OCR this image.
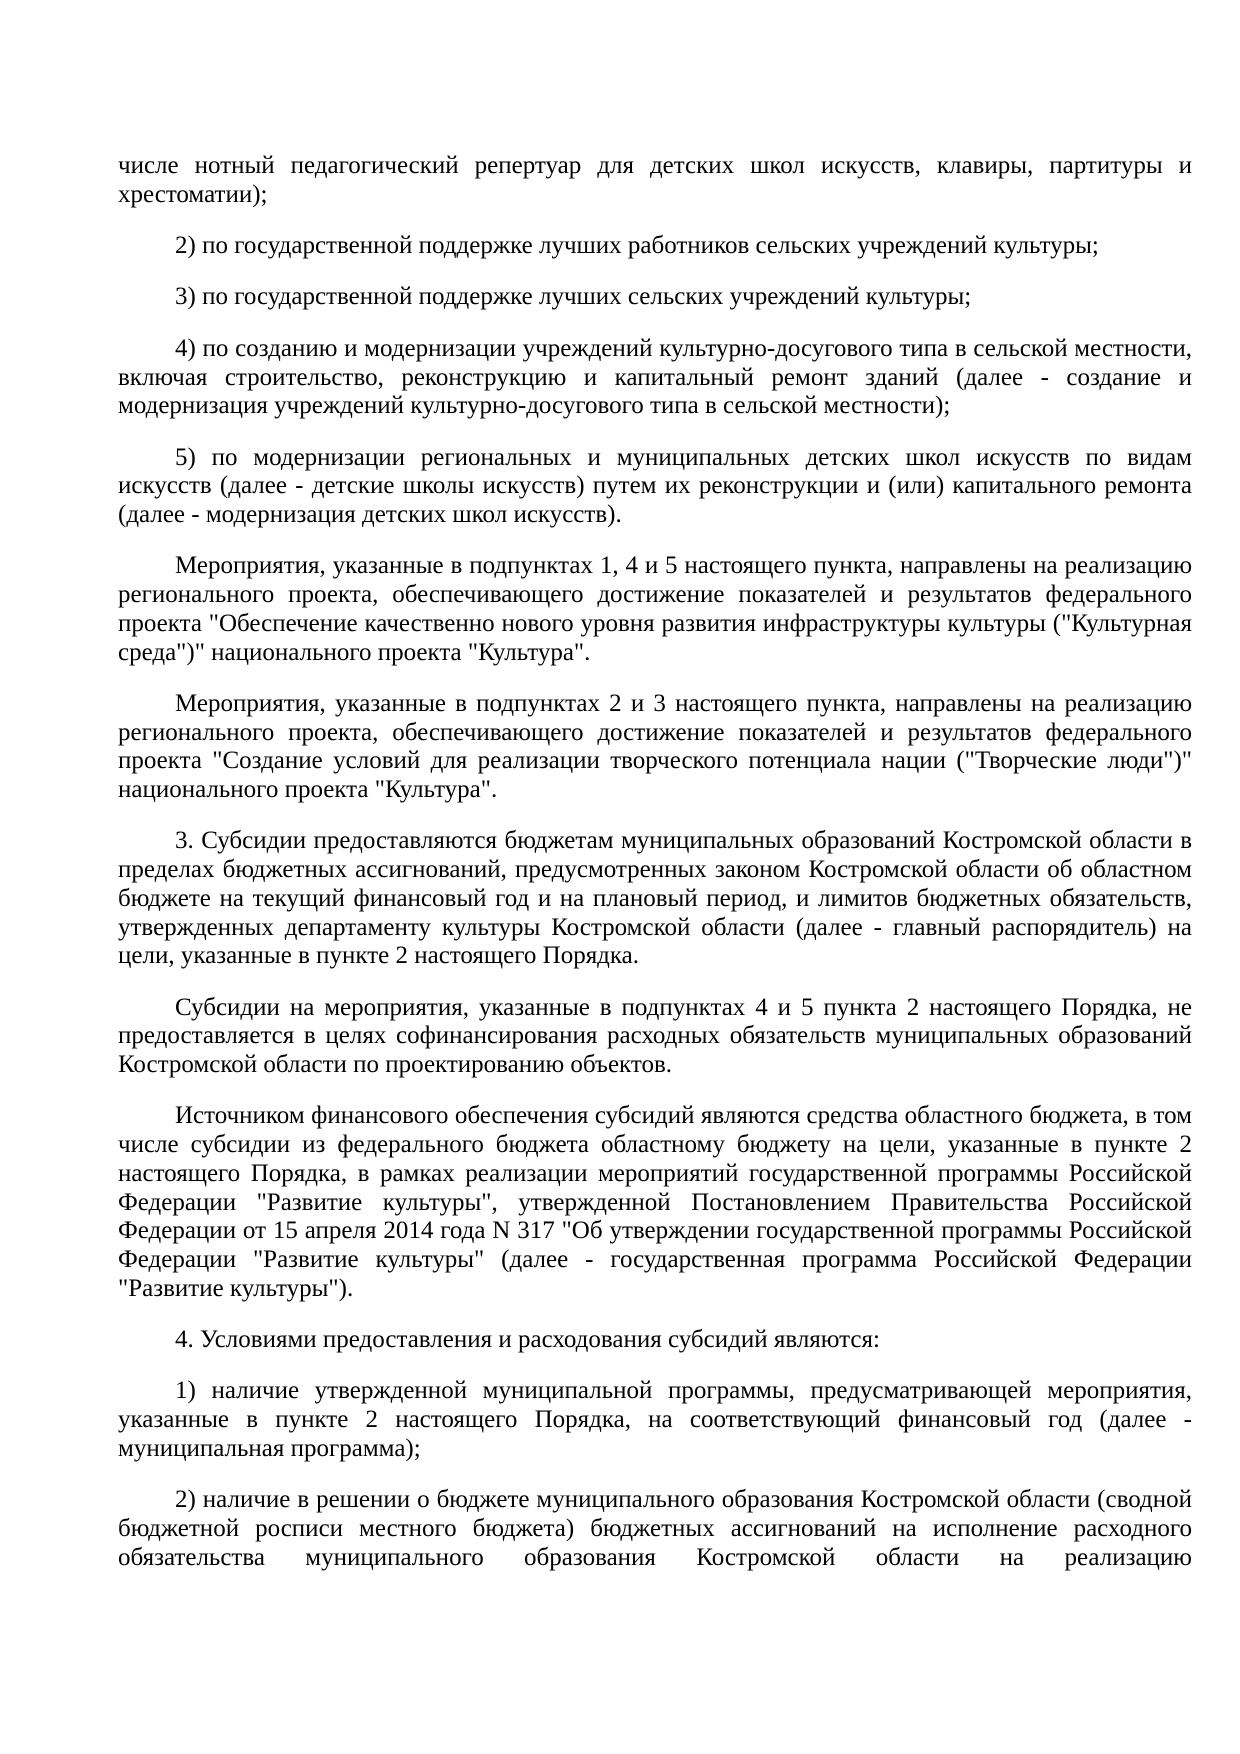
числе нотный педагогический репертуар для детских школ искусств, клавиры, партитуры и хрестоматии);

2) по государственной поддержке лучших работников сельских учреждений культуры;

3) по государственной поддержке лучших сельских учреждений культуры;

4) по созданию и модернизации учреждений культурно-досугового типа в сельской местности, включая строительство, реконструкцию и капитальный ремонт зданий (далее - создание и модернизация учреждений культурно-досугового типа в сельской местности);

5) по модернизации региональных и муниципальных детских школ искусств по видам искусств (далее - детские школы искусств) путем их реконструкции и (или) капитального ремонта (далее - модернизация детских школ искусств).

Мероприятия, указанные в подпунктах 1, 4 и 5 настоящего пункта, направлены на реализацию регионального проекта, обеспечивающего достижение показателей и результатов федерального проекта "Обеспечение качественно нового уровня развития инфраструктуры культуры ("Культурная среда")" национального проекта "Культура".

Мероприятия, указанные в подпунктах 2 и 3 настоящего пункта, направлены на реализацию регионального проекта, обеспечивающего достижение показателей и результатов федерального проекта "Создание условий для реализации творческого потенциала нации ("Творческие люди")" национального проекта "Культура".

3. Субсидии предоставляются бюджетам муниципальных образований Костромской области в пределах бюджетных ассигнований, предусмотренных законом Костромской области об областном бюджете на текущий финансовый год и на плановый период, и лимитов бюджетных обязательств, утвержденных департаменту культуры Костромской области (далее - главный распорядитель) на цели, указанные в пункте 2 настоящего Порядка.

Субсидии на мероприятия, указанные в подпунктах 4 и 5 пункта 2 настоящего Порядка, не предоставляется в целях софинансирования расходных обязательств муниципальных образований Костромской области по проектированию объектов.

Источником финансового обеспечения субсидий являются средства областного бюджета, в том числе субсидии из федерального бюджета областному бюджету на цели, указанные в пункте 2 настоящего Порядка, в рамках реализации мероприятий государственной программы Российской Федерации "Развитие культуры", утвержденной Постановлением Правительства Российской Федерации от 15 апреля 2014 года N 317 "Об утверждении государственной программы Российской Федерации "Развитие культуры" (далее - государственная программа Российской Федерации "Развитие культуры").

4. Условиями предоставления и расходования субсидий являются:

1) наличие утвержденной муниципальной программы, предусматривающей мероприятия, указанные в пункте 2 настоящего Порядка, на соответствующий финансовый год (далее - муниципальная программа);

2) наличие в решении о бюджете муниципального образования Костромской области (сводной бюджетной росписи местного бюджета) бюджетных ассигнований на исполнение расходного обязательства муниципального образования Костромской области на реализацию
